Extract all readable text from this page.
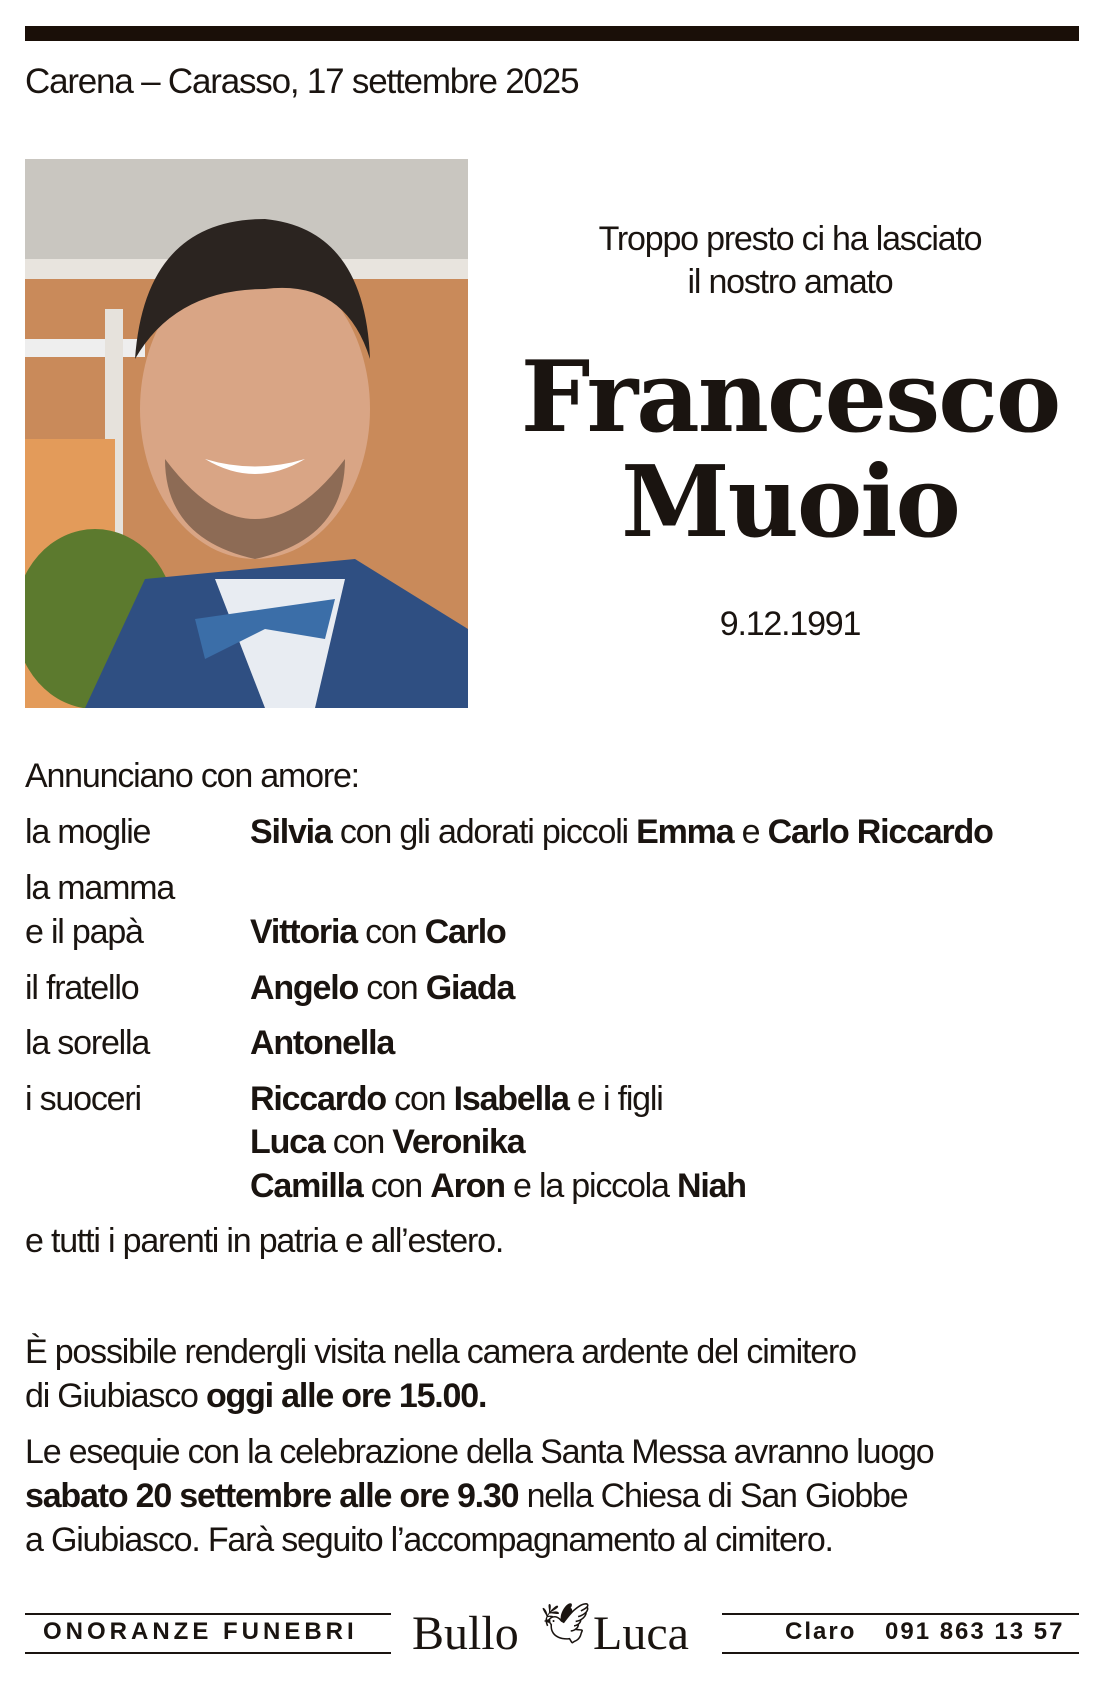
Carena – Carasso, 17 settembre 2025
Troppo presto ci ha lasciato
il nostro amato
Francesco
Muoio
9.12.1991
Annunciano con amore:
la moglie	Silvia con gli adorati piccoli Emma e Carlo Riccardo
la mamma
e il papà	Vittoria con Carlo
il fratello	Angelo con Giada
la sorella	Antonella
i suoceri	Riccardo con Isabella e i figli
Luca con Veronika
Camilla con Aron e la piccola Niah
e tutti i parenti in patria e all’estero.
È possibile rendergli visita nella camera ardente del cimitero
di Giubiasco oggi alle ore 15.00.
Le esequie con la celebrazione della Santa Messa avranno luogo
sabato 20 settembre alle ore 9.30 nella Chiesa di San Giobbe
a Giubiasco. Farà seguito l’accompagnamento al cimitero.
ONORANZE FUNEBRI Bullo 🕊 Luca	Claro 091 863 13 57
